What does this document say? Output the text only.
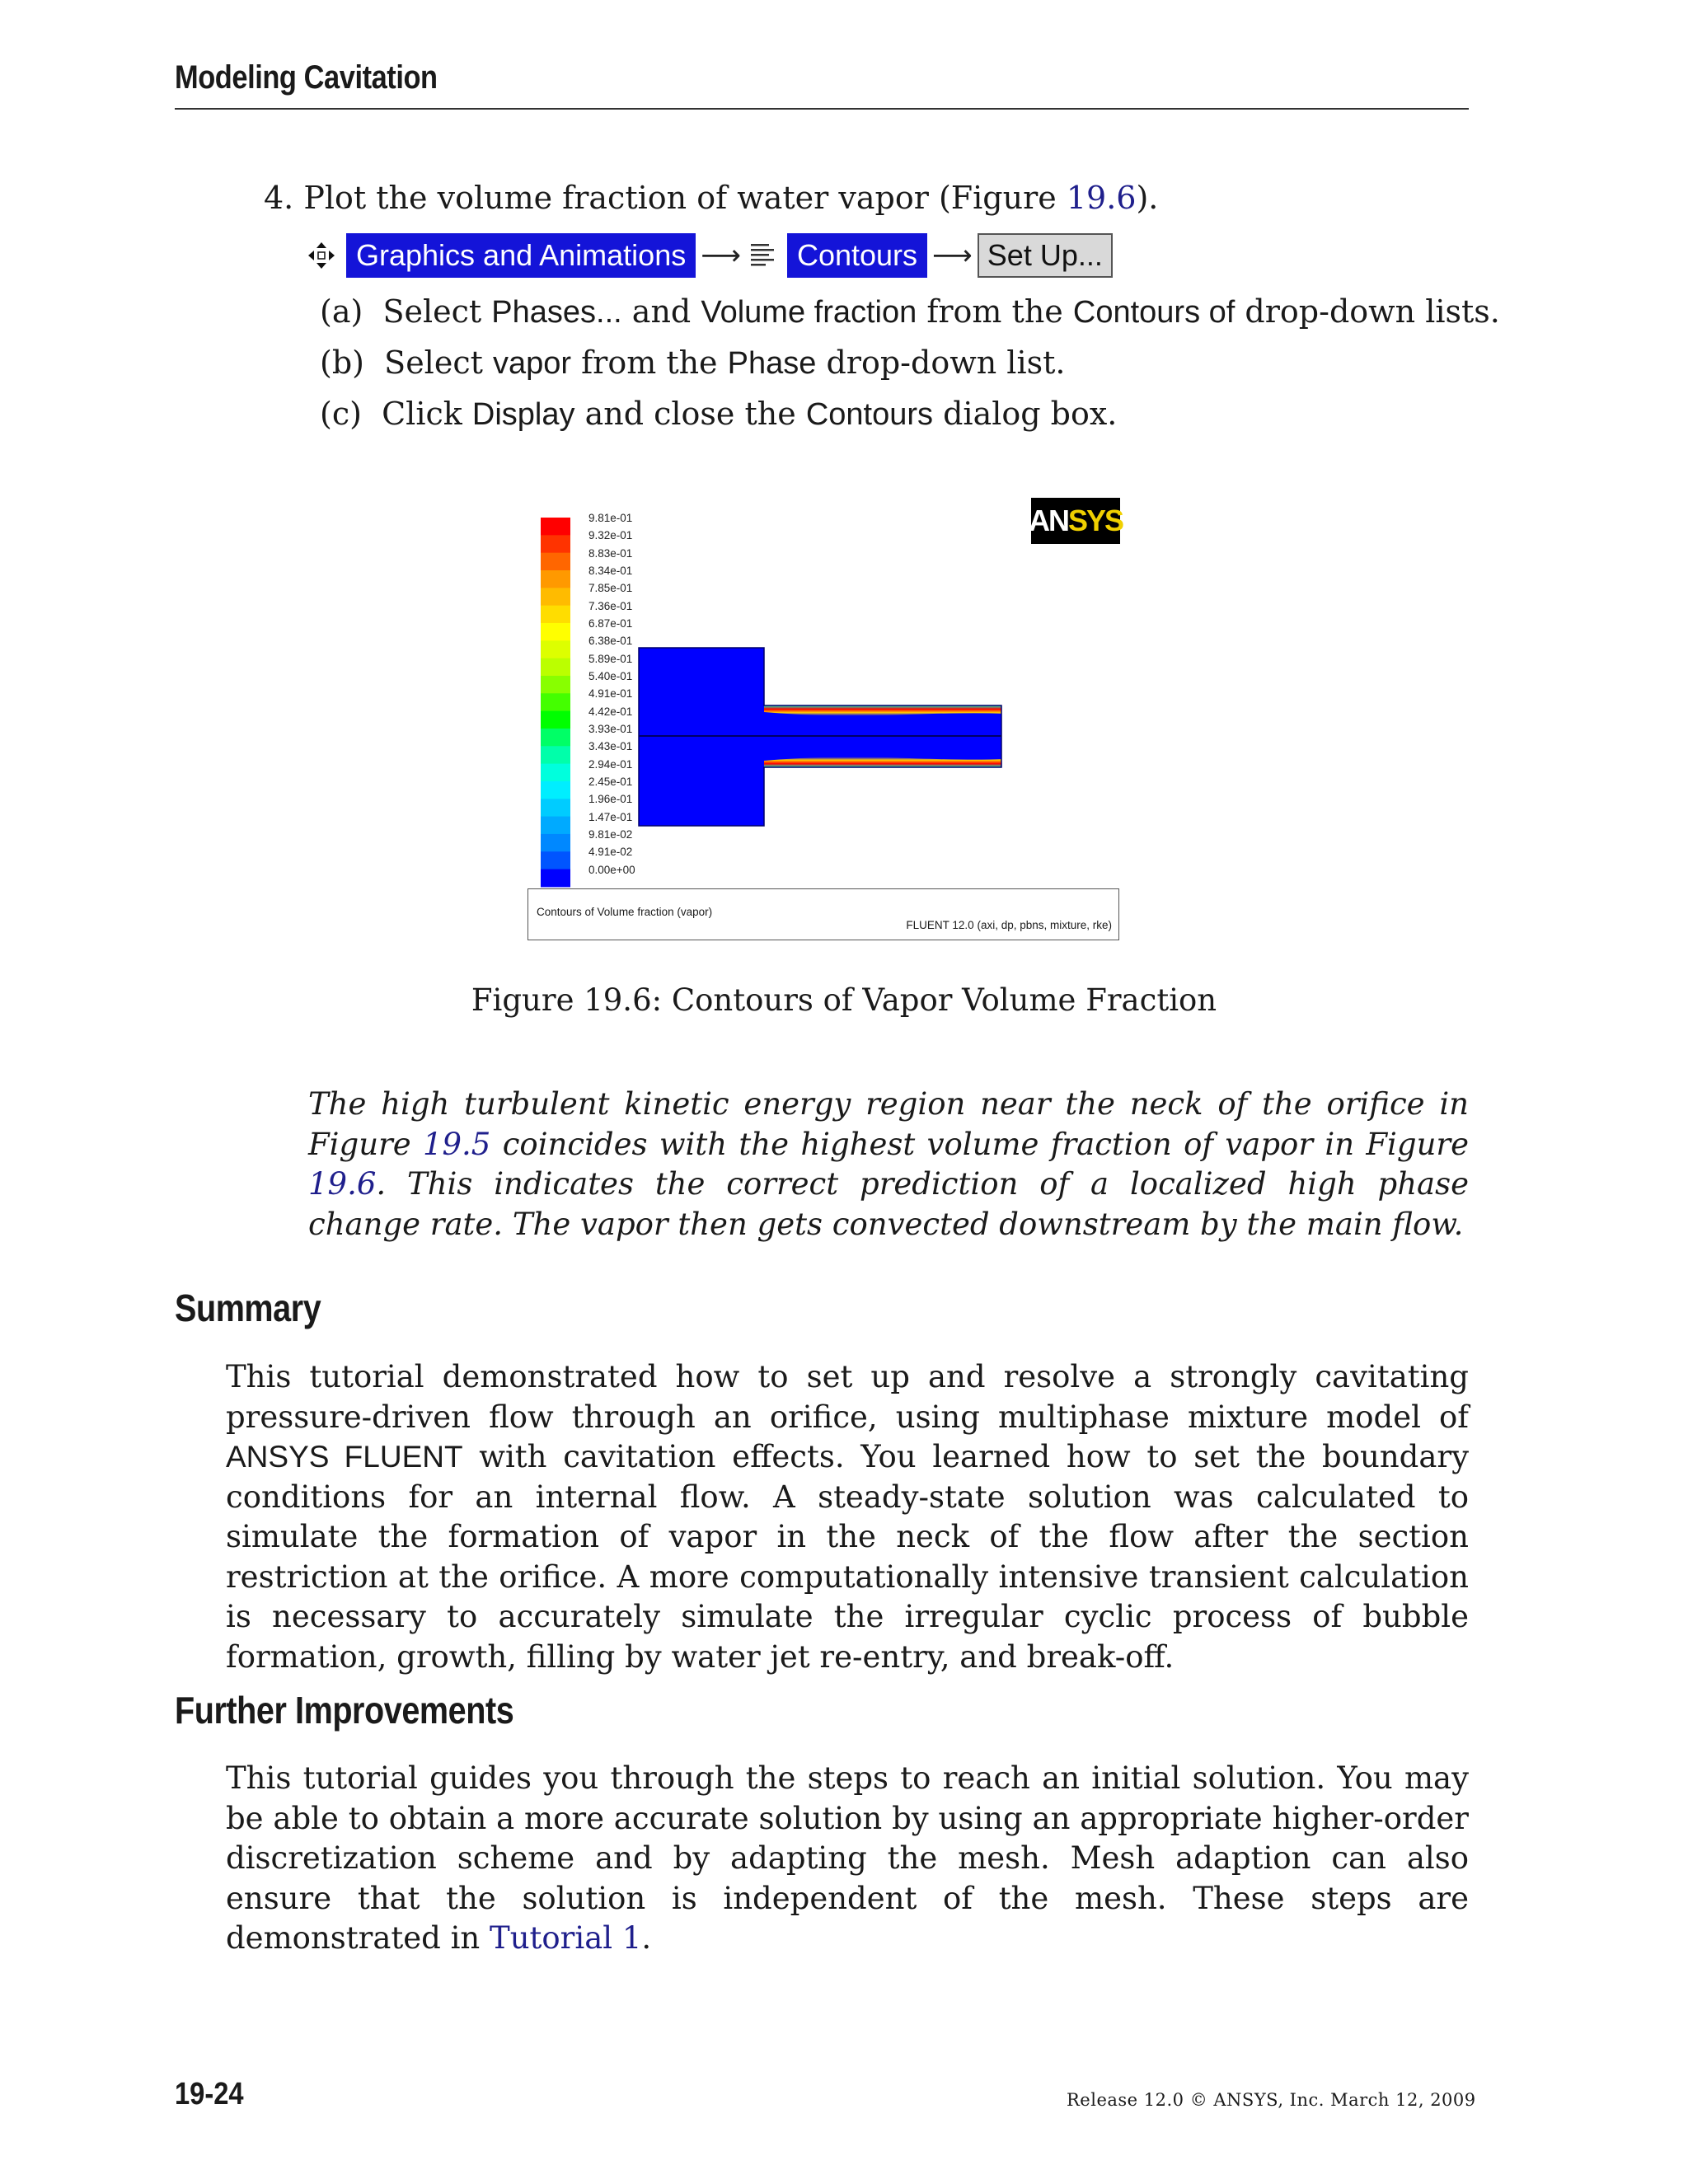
Modeling Cavitation
4. Plot the volume fraction of water vapor (Figure 19.6).
Graphics and Animations ⟶	Contours ⟶ Set Up...
(a) Select Phases... and Volume fraction from the Contours of drop-down lists.
(b) Select vapor from the Phase drop-down list.
(c) Click Display and close the Contours dialog box.
9.81e-01
9.32e-01
8.83e-01
8.34e-01
7.85e-01
7.36e-01
6.87e-01
6.38e-01
5.89e-01
5.40e-01
4.91e-01
4.42e-01
3.93e-01
3.43e-01
2.94e-01
2.45e-01
1.96e-01
1.47e-01
9.81e-02
4.91e-02
0.00e+00
AN SYS
Contours of Volume fraction (vapor)
FLUENT 12.0 (axi, dp, pbns, mixture, rke)
Figure 19.6: Contours of Vapor Volume Fraction
The high turbulent kinetic energy region near the neck of the orifice in Figure 19.5 coincides with the highest volume fraction of vapor in Figure 19.6. This indicates the correct prediction of a localized high phase change rate. The vapor then gets convected downstream by the main flow.
Summary
This tutorial demonstrated how to set up and resolve a strongly cavitating pressure-driven flow through an orifice, using multiphase mixture model of ANSYS FLUENT with cavitation effects. You learned how to set the boundary conditions for an internal flow. A steady-state solution was calculated to simulate the formation of vapor in the neck of the flow after the section restriction at the orifice. A more computationally intensive transient calculation is necessary to accurately simulate the irregular cyclic process of bubble formation, growth, filling by water jet re-entry, and break-off.
Further Improvements
This tutorial guides you through the steps to reach an initial solution. You may be able to obtain a more accurate solution by using an appropriate higher-order discretization scheme and by adapting the mesh. Mesh adaption can also ensure that the solution is independent of the mesh. These steps are demonstrated in Tutorial 1.
19-24	Release 12.0 © ANSYS, Inc. March 12, 2009
